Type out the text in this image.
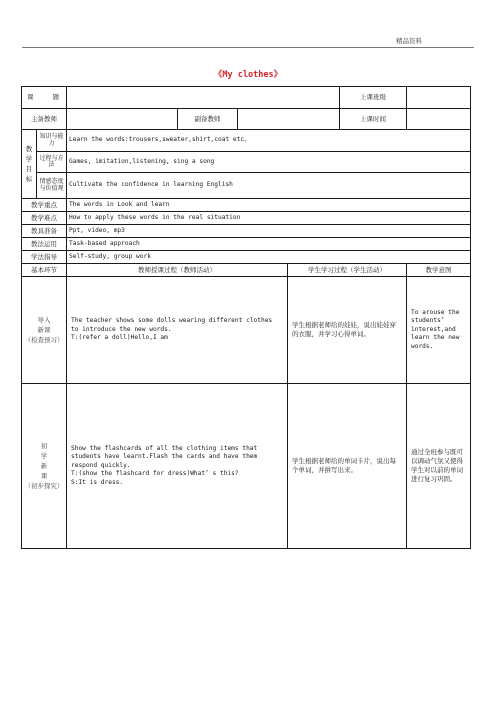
精品资料
《My clothes》
课　　题						上课班级	
主备教师			副备教师			上课时间	
教
学
目
标	知识与能力	Learn the words:trousers,sweater,shirt,coat etc。					
	过程与方法	Games, imitation,listening, sing a song					
	情感态度与价值观	Cultivate the confidence in learning English					
教学重点		The words in Look and learn					
教学难点		How to apply these words in the real situation					
教具准备		Ppt, video, mp3					
教法运用		Task-based approach					
学法指导		Self-study, group work					
基本环节		教师授课过程（教师活动）			学生学习过程（学生活动）		教学意图
导入
新课
（检查预习）		The teacher shows some dolls wearing different clothes to introduce the new words.
T:(refer a doll)Hello,I am			学生根据老师给的娃娃，说出娃娃穿的衣服，并学习心得单词。		To arouse the students’ interest,and learn the new words.
初
学
新
课
（初步探究）		Show the flashcards of all the clothing items that students have learnt.Flash the cards and have them respond quickly.
T:(show the flashcard for dress)What’ s this?
S:It is dress.			学生根据老师给的单词卡片，说出每个单词，并拼写出来。		通过全班参与既可以调动气氛又使得学生对以前的单词进行复习巩固。
